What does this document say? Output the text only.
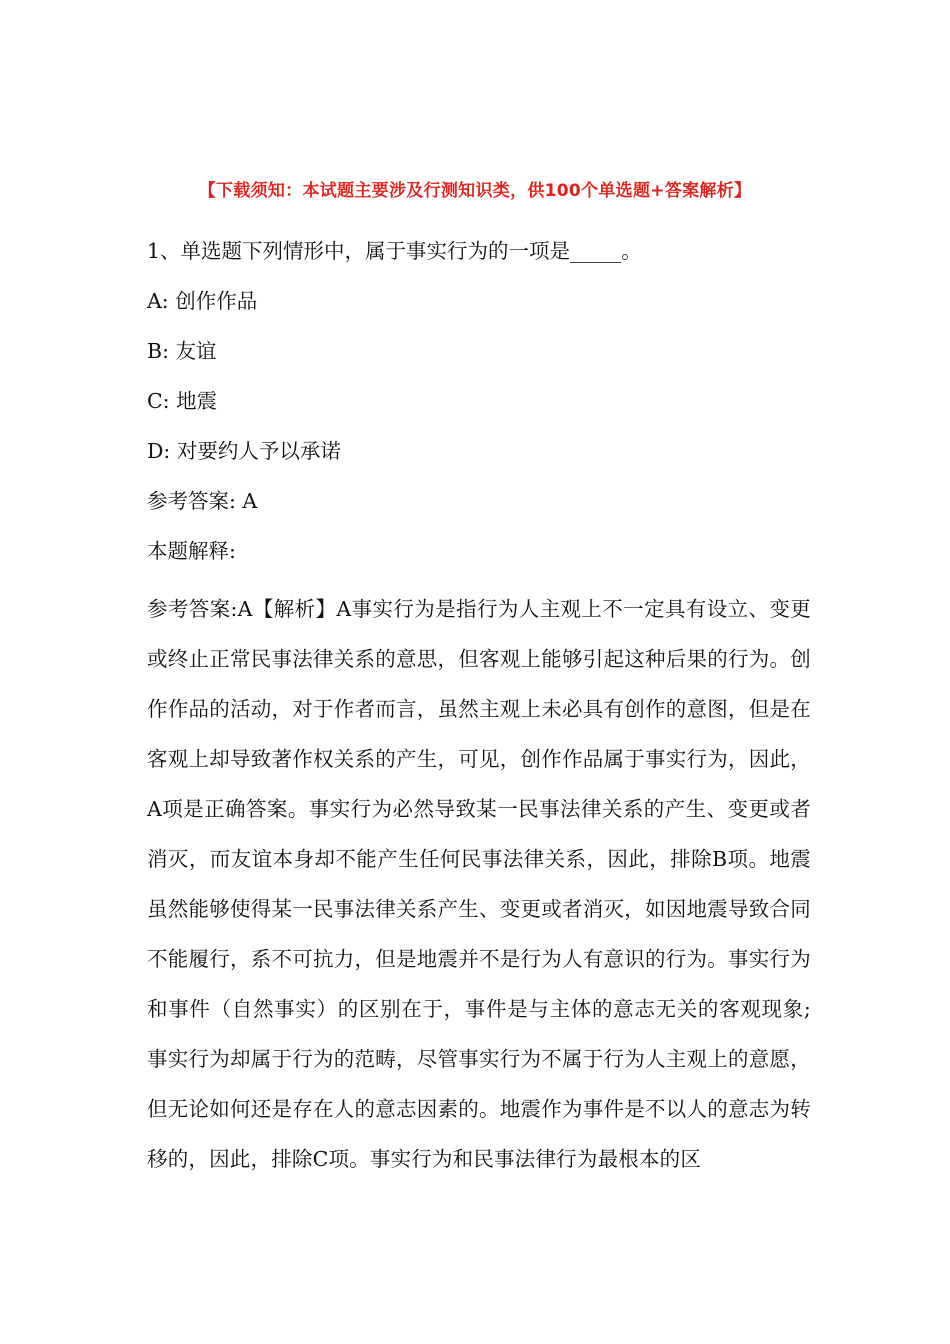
【下载须知：本试题主要涉及行测知识类，供100个单选题+答案解析】
1、单选题下列情形中，属于事实行为的一项是_____。
A: 创作作品
B: 友谊
C: 地震
D: 对要约人予以承诺
参考答案: A
本题解释:

参考答案:A【解析】A事实行为是指行为人主观上不一定具有设立、变更或终止正常民事法律关系的意思，但客观上能够引起这种后果的行为。创作作品的活动，对于作者而言，虽然主观上未必具有创作的意图，但是在客观上却导致著作权关系的产生，可见，创作作品属于事实行为，因此，A项是正确答案。事实行为必然导致某一民事法律关系的产生、变更或者消灭，而友谊本身却不能产生任何民事法律关系，因此，排除B项。地震虽然能够使得某一民事法律关系产生、变更或者消灭，如因地震导致合同不能履行，系不可抗力，但是地震并不是行为人有意识的行为。事实行为和事件（自然事实）的区别在于，事件是与主体的意志无关的客观现象;事实行为却属于行为的范畴，尽管事实行为不属于行为人主观上的意愿，但无论如何还是存在人的意志因素的。地震作为事件是不以人的意志为转移的，因此，排除C项。事实行为和民事法律行为最根本的区
